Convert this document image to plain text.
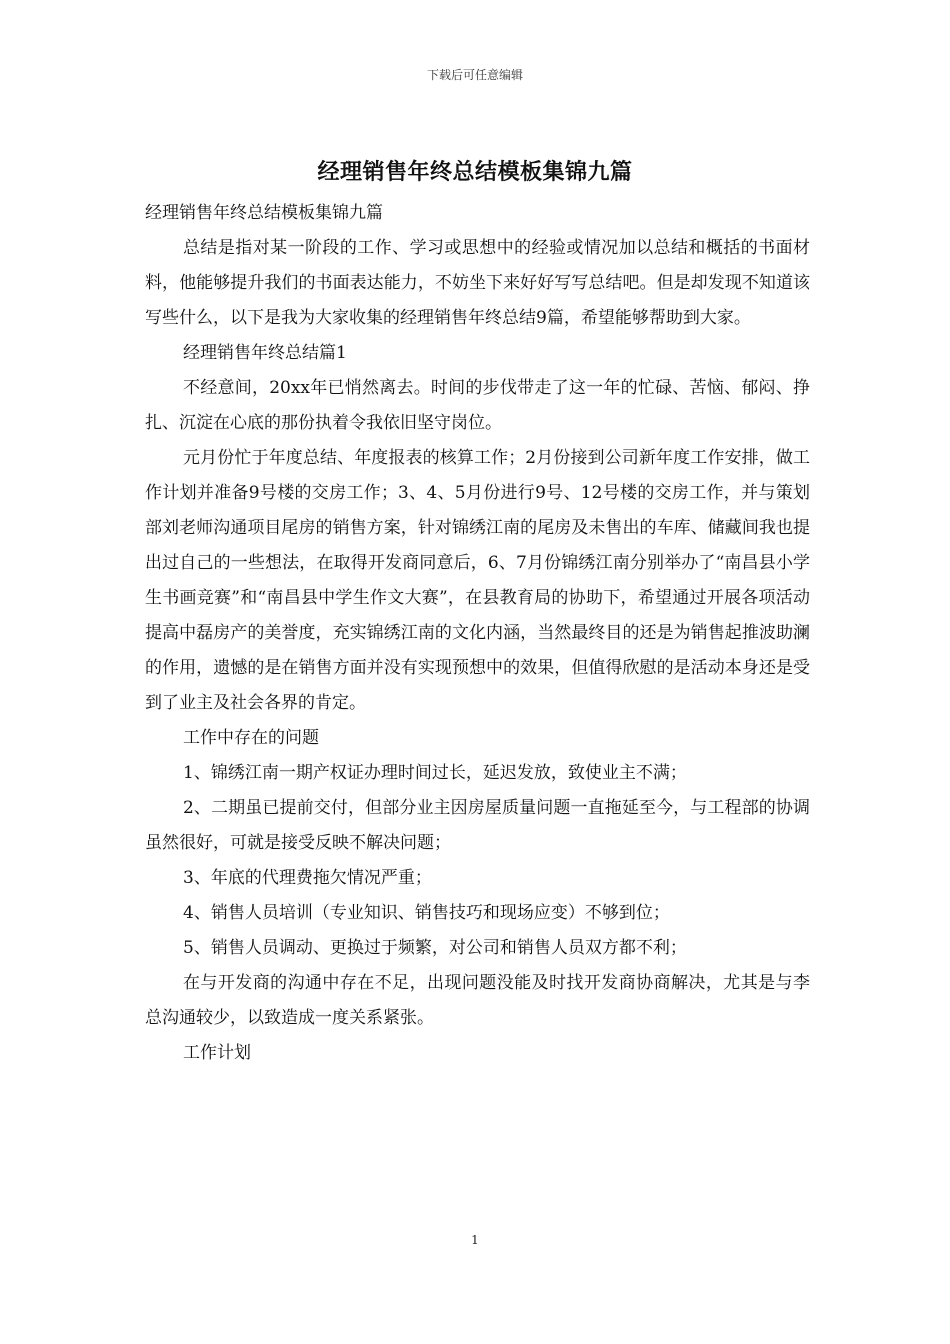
下载后可任意编辑
经理销售年终总结模板集锦九篇

经理销售年终总结模板集锦九篇

总结是指对某一阶段的工作、学习或思想中的经验或情况加以总结和概括的书面材料，他能够提升我们的书面表达能力，不妨坐下来好好写写总结吧。但是却发现不知道该写些什么，以下是我为大家收集的经理销售年终总结9篇，希望能够帮助到大家。

经理销售年终总结篇1

不经意间，20xx年已悄然离去。时间的步伐带走了这一年的忙碌、苦恼、郁闷、挣扎、沉淀在心底的那份执着令我依旧坚守岗位。

元月份忙于年度总结、年度报表的核算工作；2月份接到公司新年度工作安排，做工作计划并准备9号楼的交房工作；3、4、5月份进行9号、12号楼的交房工作，并与策划部刘老师沟通项目尾房的销售方案，针对锦绣江南的尾房及未售出的车库、储藏间我也提出过自己的一些想法，在取得开发商同意后，6、7月份锦绣江南分别举办了“南昌县小学生书画竞赛”和“南昌县中学生作文大赛”，在县教育局的协助下，希望通过开展各项活动提高中磊房产的美誉度，充实锦绣江南的文化内涵，当然最终目的还是为销售起推波助澜的作用，遗憾的是在销售方面并没有实现预想中的效果，但值得欣慰的是活动本身还是受到了业主及社会各界的肯定。

工作中存在的问题

1、锦绣江南一期产权证办理时间过长，延迟发放，致使业主不满；

2、二期虽已提前交付，但部分业主因房屋质量问题一直拖延至今，与工程部的协调虽然很好，可就是接受反映不解决问题；

3、年底的代理费拖欠情况严重；

4、销售人员培训（专业知识、销售技巧和现场应变）不够到位；

5、销售人员调动、更换过于频繁，对公司和销售人员双方都不利；

在与开发商的沟通中存在不足，出现问题没能及时找开发商协商解决，尤其是与李总沟通较少，以致造成一度关系紧张。

工作计划

1
